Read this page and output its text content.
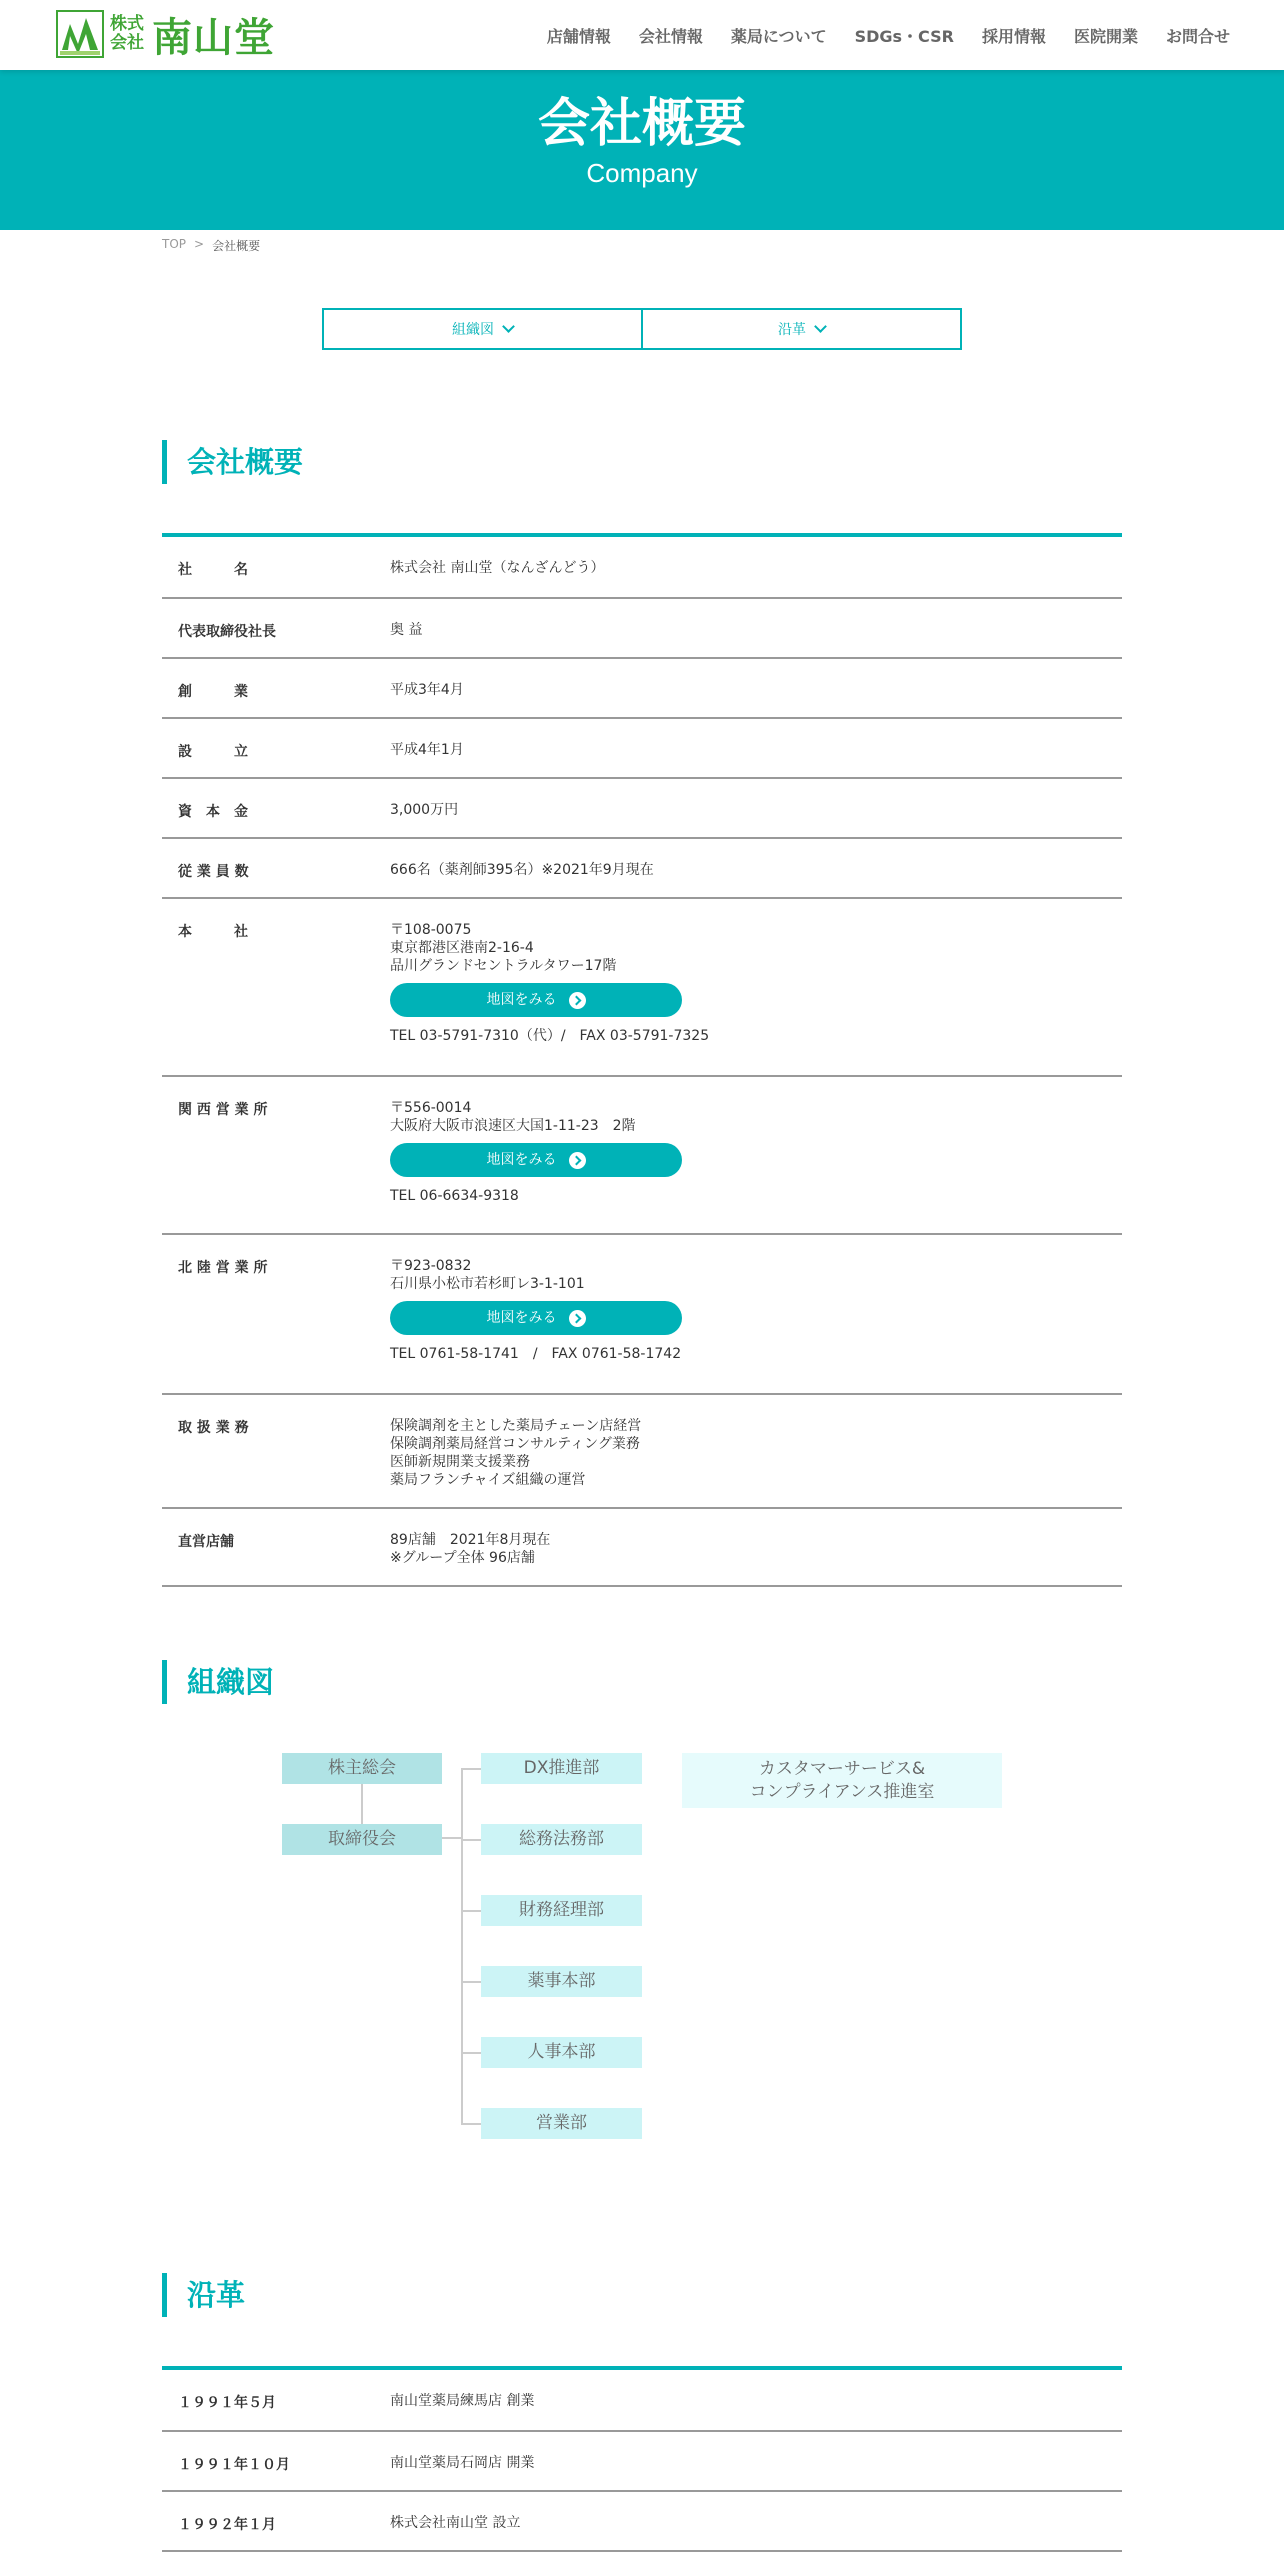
株式
会社 南山堂	店舗情報 会社情報 薬局について SDGs・CSR 採用情報 医院開業 お問合せ
会社概要
Company
TOP > 会社概要
組織図	沿革
会社概要
社　　　名	株式会社 南山堂（なんざんどう）
代表取締役社長	奥 益
創　　　業	平成3年4月
設　　　立	平成4年1月
資　本　金	3,000万円
従 業 員 数	666名（薬剤師395名）※2021年9月現在
本　　　社	〒108-0075
東京都港区港南2-16-4
品川グランドセントラルタワー17階
地図をみる
TEL 03-5791-7310（代）/　FAX 03-5791-7325
関 西 営 業 所	〒556-0014
大阪府大阪市浪速区大国1-11-23　2階
地図をみる
TEL 06-6634-9318
北 陸 営 業 所	〒923-0832
石川県小松市若杉町レ3-1-101
地図をみる
TEL 0761-58-1741　/　FAX 0761-58-1742
取 扱 業 務	保険調剤を主とした薬局チェーン店経営
保険調剤薬局経営コンサルティング業務
医師新規開業支援業務
薬局フランチャイズ組織の運営
直営店舗	89店舗　2021年8月現在
※グループ全体 96店舗
組織図
株主総会
取締役会
DX推進部
総務法務部
財務経理部
薬事本部
人事本部
営業部
カスタマーサービス&
コンプライアンス推進室
沿革
１９９１年５月	南山堂薬局練馬店 創業
１９９１年１０月	南山堂薬局石岡店 開業
１９９２年１月	株式会社南山堂 設立
